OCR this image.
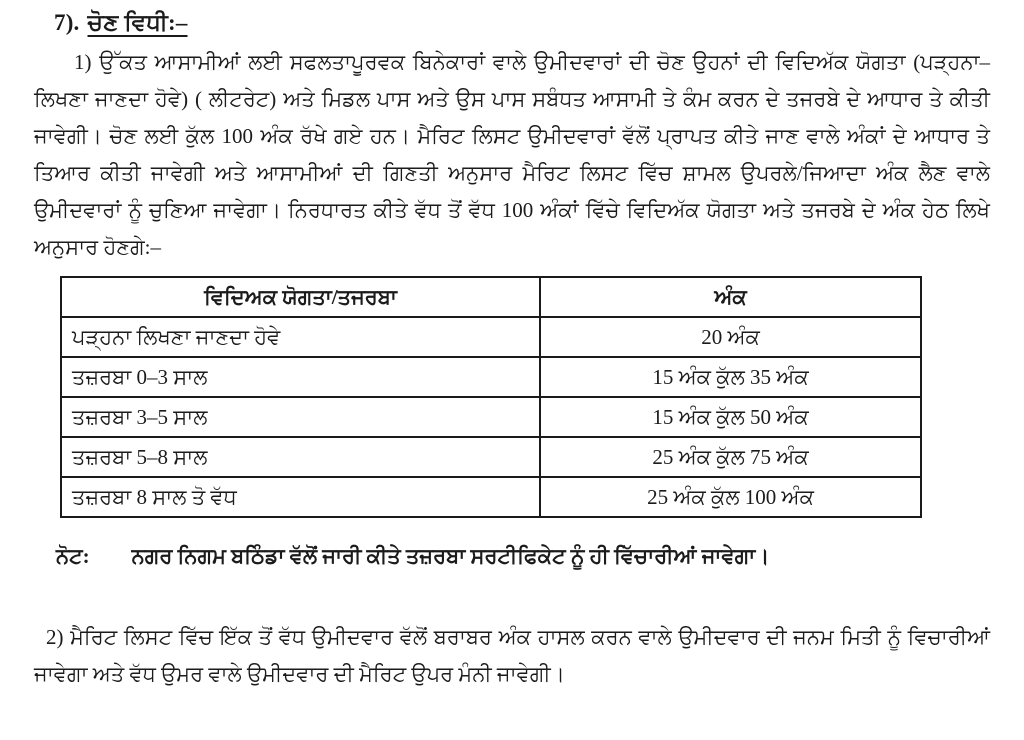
7). ਚੋਣ ਵਿਧੀ:–

1) ਉੱਕਤ ਆਸਾਮੀਆਂ ਲਈ ਸਫਲਤਾਪੂਰਵਕ ਬਿਨੇਕਾਰਾਂ ਵਾਲੇ ਉਮੀਦਵਾਰਾਂ ਦੀ ਚੋਣ ਉਹਨਾਂ ਦੀ ਵਿਦਿਅੱਕ ਯੋਗਤਾ (ਪੜ੍ਹਨਾ– ਲਿਖਣਾ ਜਾਣਦਾ ਹੋਵੇ) ( ਲੀਟਰੇਟ) ਅਤੇ ਮਿਡਲ ਪਾਸ ਅਤੇ ਉਸ ਪਾਸ ਸਬੰਧਤ ਆਸਾਮੀ ਤੇ ਕੰਮ ਕਰਨ ਦੇ ਤਜਰਬੇ ਦੇ ਆਧਾਰ ਤੇ ਕੀਤੀ ਜਾਵੇਗੀ। ਚੋਣ ਲਈ ਕੁੱਲ 100 ਅੰਕ ਰੱਖੇ ਗਏ ਹਨ। ਮੈਰਿਟ ਲਿਸਟ ਉਮੀਦਵਾਰਾਂ ਵੱਲੋਂ ਪ੍ਰਾਪਤ ਕੀਤੇ ਜਾਣ ਵਾਲੇ ਅੰਕਾਂ ਦੇ ਆਧਾਰ ਤੇ ਤਿਆਰ ਕੀਤੀ ਜਾਵੇਗੀ ਅਤੇ ਆਸਾਮੀਆਂ ਦੀ ਗਿਣਤੀ ਅਨੁਸਾਰ ਮੈਰਿਟ ਲਿਸਟ ਵਿੱਚ ਸ਼ਾਮਲ ਉਪਰਲੇ/ਜਿਆਦਾ ਅੰਕ ਲੈਣ ਵਾਲੇ ਉਮੀਦਵਾਰਾਂ ਨੂੰ ਚੁਣਿਆ ਜਾਵੇਗਾ। ਨਿਰਧਾਰਤ ਕੀਤੇ ਵੱਧ ਤੋਂ ਵੱਧ 100 ਅੰਕਾਂ ਵਿੱਚੇ ਵਿਦਿਅੱਕ ਯੋਗਤਾ ਅਤੇ ਤਜਰਬੇ ਦੇ ਅੰਕ ਹੇਠ ਲਿਖੇ ਅਨੁਸਾਰ ਹੋਣਗੇ:–

ਵਿਦਿਅਕ ਯੋਗਤਾ/ਤਜਰਬਾ	ਅੰਕ
ਪੜ੍ਹਨਾ ਲਿਖਣਾ ਜਾਣਦਾ ਹੋਵੇ	20 ਅੰਕ
ਤਜ਼ਰਬਾ 0–3 ਸਾਲ	15 ਅੰਕ ਕੁੱਲ 35 ਅੰਕ
ਤਜ਼ਰਬਾ 3–5 ਸਾਲ	15 ਅੰਕ ਕੁੱਲ 50 ਅੰਕ
ਤਜ਼ਰਬਾ 5–8 ਸਾਲ	25 ਅੰਕ ਕੁੱਲ 75 ਅੰਕ
ਤਜ਼ਰਬਾ 8 ਸਾਲ ਤੋ ਵੱਧ	25 ਅੰਕ ਕੁੱਲ 100 ਅੰਕ
ਨੋਟ: ਨਗਰ ਨਿਗਮ ਬਠਿੰਡਾ ਵੱਲੋਂ ਜਾਰੀ ਕੀਤੇ ਤਜ਼ਰਬਾ ਸਰਟੀਫਿਕੇਟ ਨੂੰ ਹੀ ਵਿੱਚਾਰੀਆਂ ਜਾਵੇਗਾ।

2) ਮੈਰਿਟ ਲਿਸਟ ਵਿੱਚ ਇੱਕ ਤੋਂ ਵੱਧ ਉਮੀਦਵਾਰ ਵੱਲੋਂ ਬਰਾਬਰ ਅੰਕ ਹਾਸਲ ਕਰਨ ਵਾਲੇ ਉਮੀਦਵਾਰ ਦੀ ਜਨਮ ਮਿਤੀ ਨੂੰ ਵਿਚਾਰੀਆਂ ਜਾਵੇਗਾ ਅਤੇ ਵੱਧ ਉਮਰ ਵਾਲੇ ਉਮੀਦਵਾਰ ਦੀ ਮੈਰਿਟ ਉਪਰ ਮੰਨੀ ਜਾਵੇਗੀ।
